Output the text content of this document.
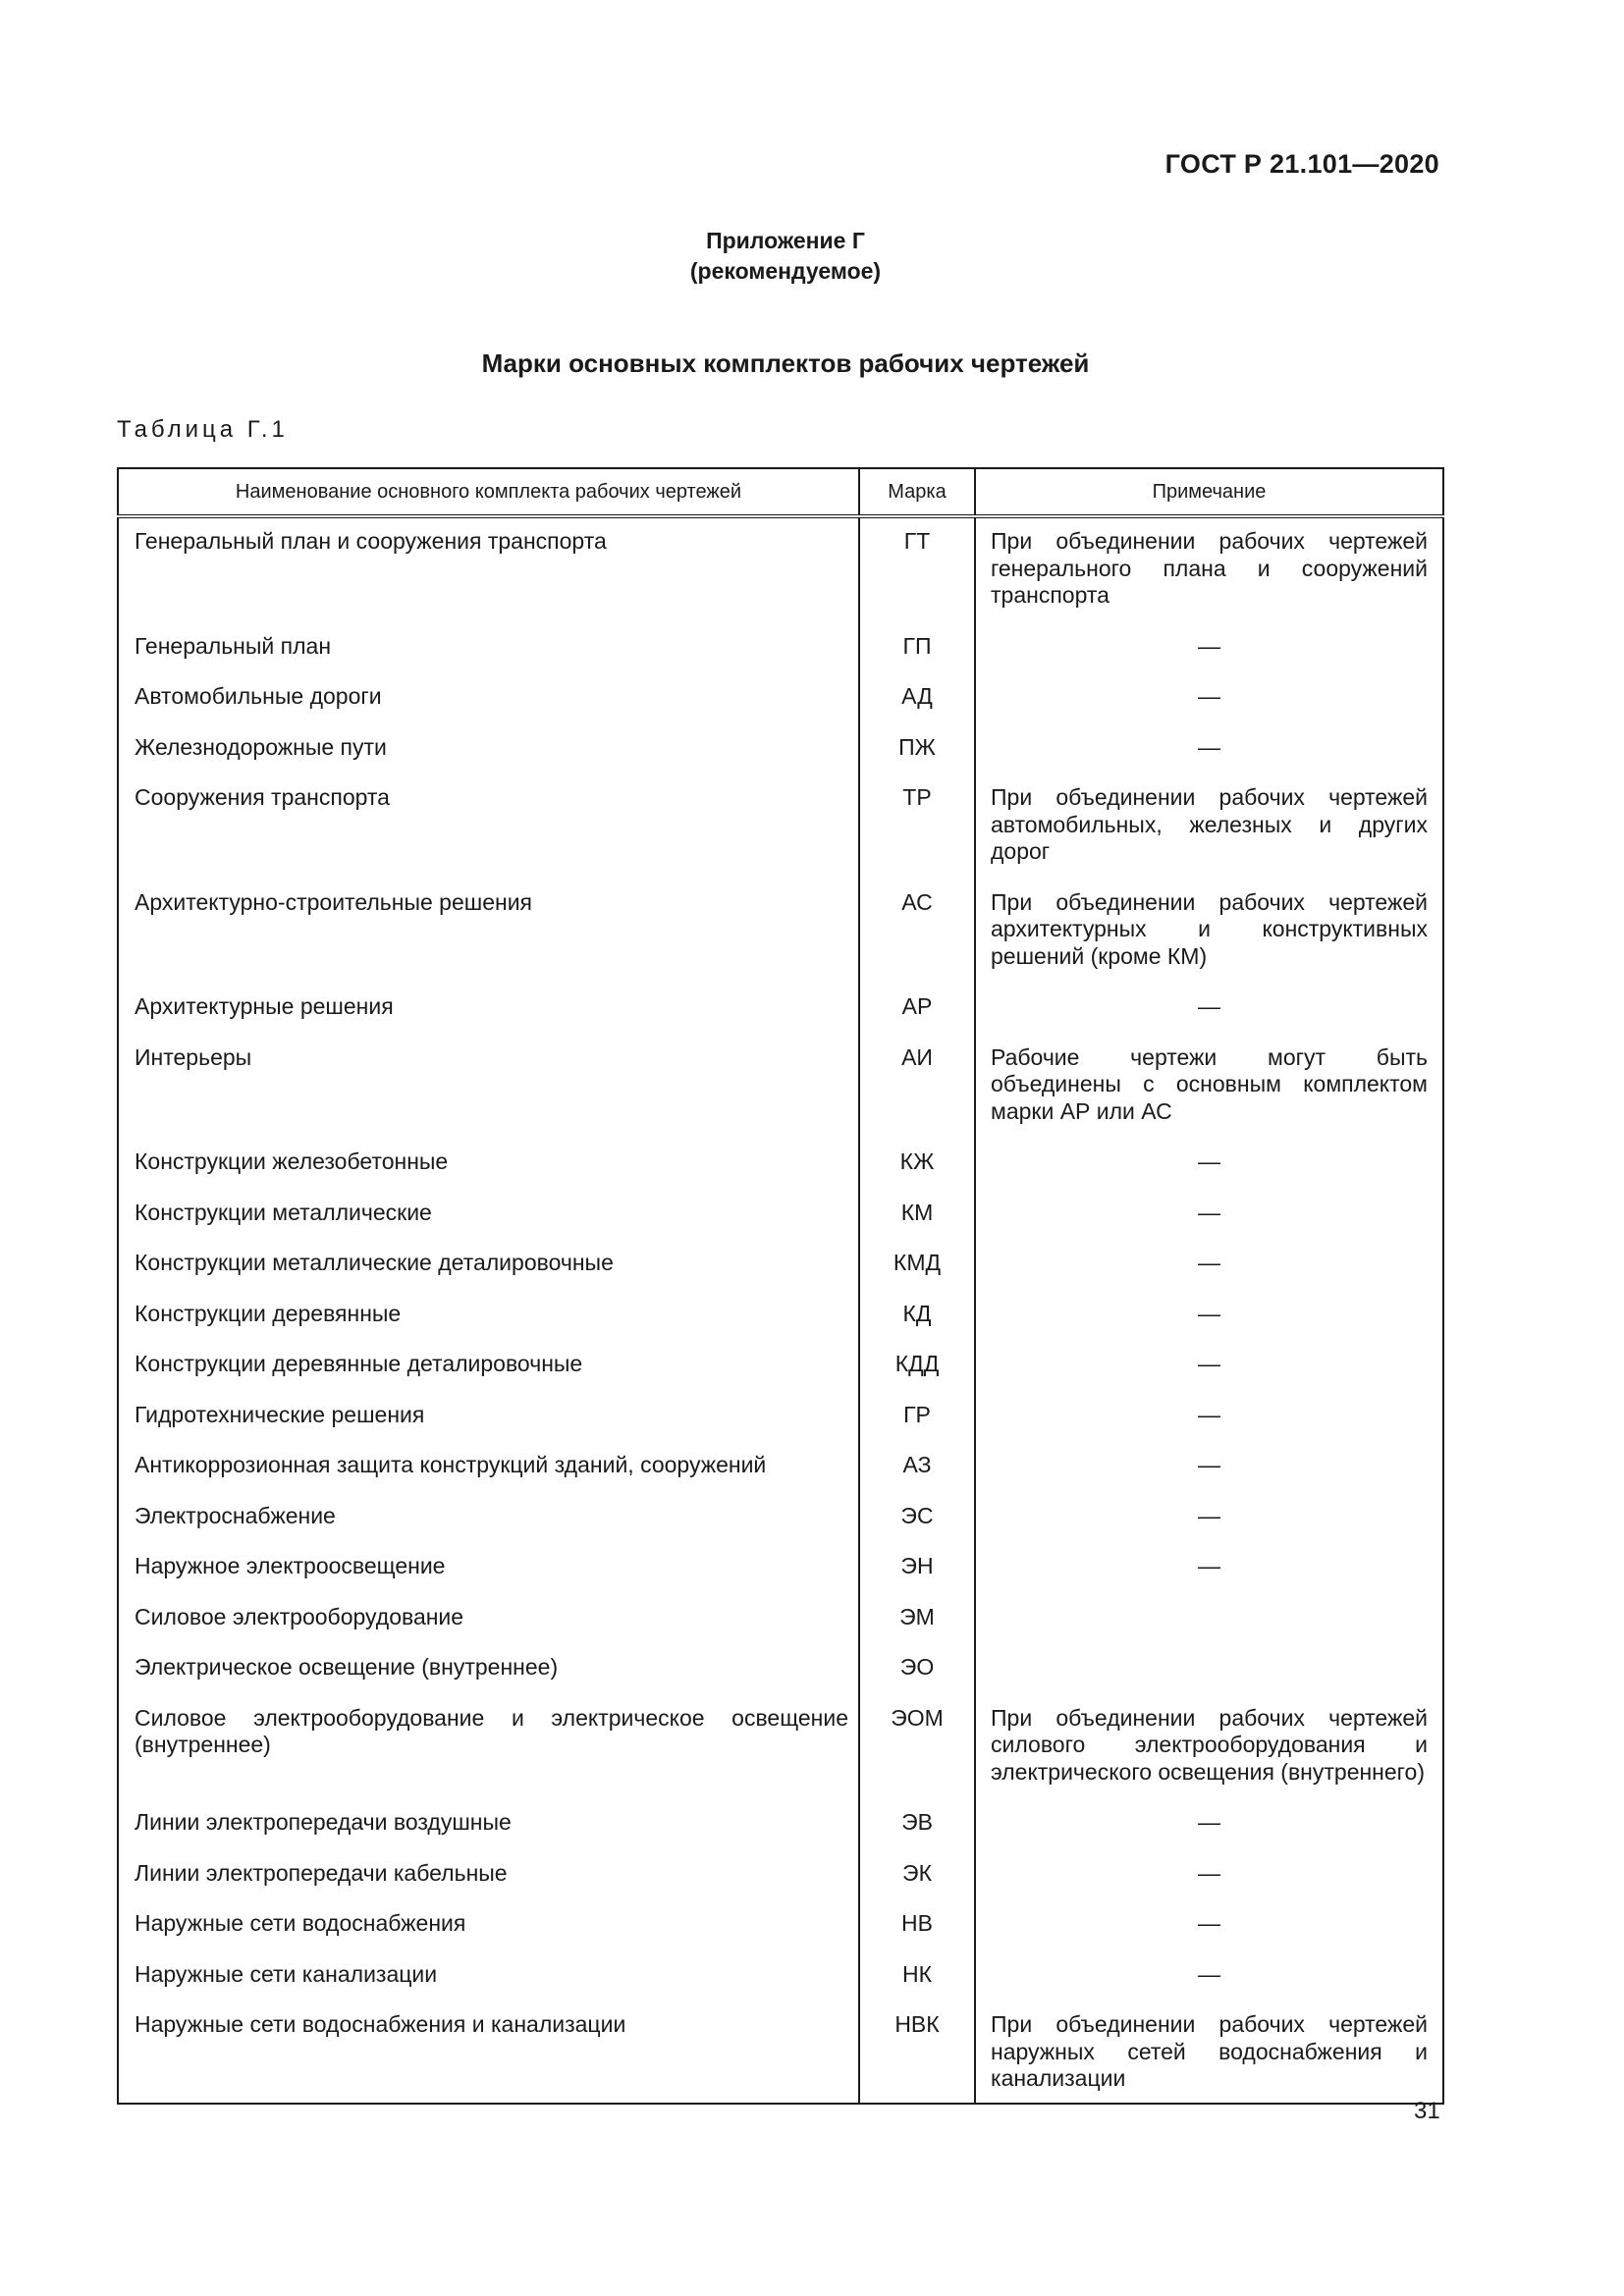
ГОСТ Р 21.101—2020
Приложение Г
(рекомендуемое)
Марки основных комплектов рабочих чертежей
Таблица Г.1
Наименование основного комплекта рабочих чертежей	Марка	Примечание
Генеральный план и сооружения транспорта	ГТ	При объединении рабочих чертежей генерального плана и сооружений транспорта
Генеральный план	ГП	—
Автомобильные дороги	АД	—
Железнодорожные пути	ПЖ	—
Сооружения транспорта	ТР	При объединении рабочих чертежей автомобильных, железных и других дорог
Архитектурно-строительные решения	АС	При объединении рабочих чертежей архитектурных и конструктивных решений (кроме КМ)
Архитектурные решения	АР	—
Интерьеры	АИ	Рабочие чертежи могут быть объединены с основным комплектом марки АР или АС
Конструкции железобетонные	КЖ	—
Конструкции металлические	КМ	—
Конструкции металлические деталировочные	КМД	—
Конструкции деревянные	КД	—
Конструкции деревянные деталировочные	КДД	—
Гидротехнические решения	ГР	—
Антикоррозионная защита конструкций зданий, сооружений	АЗ	—
Электроснабжение	ЭС	—
Наружное электроосвещение	ЭН	—
Силовое электрооборудование	ЭМ	
Электрическое освещение (внутреннее)	ЭО	
Силовое электрооборудование и электрическое освещение (внутреннее)	ЭОМ	При объединении рабочих чертежей силового электрооборудования и электрического освещения (внутреннего)
Линии электропередачи воздушные	ЭВ	—
Линии электропередачи кабельные	ЭК	—
Наружные сети водоснабжения	НВ	—
Наружные сети канализации	НК	—
Наружные сети водоснабжения и канализации	НВК	При объединении рабочих чертежей наружных сетей водоснабжения и канализации
31
